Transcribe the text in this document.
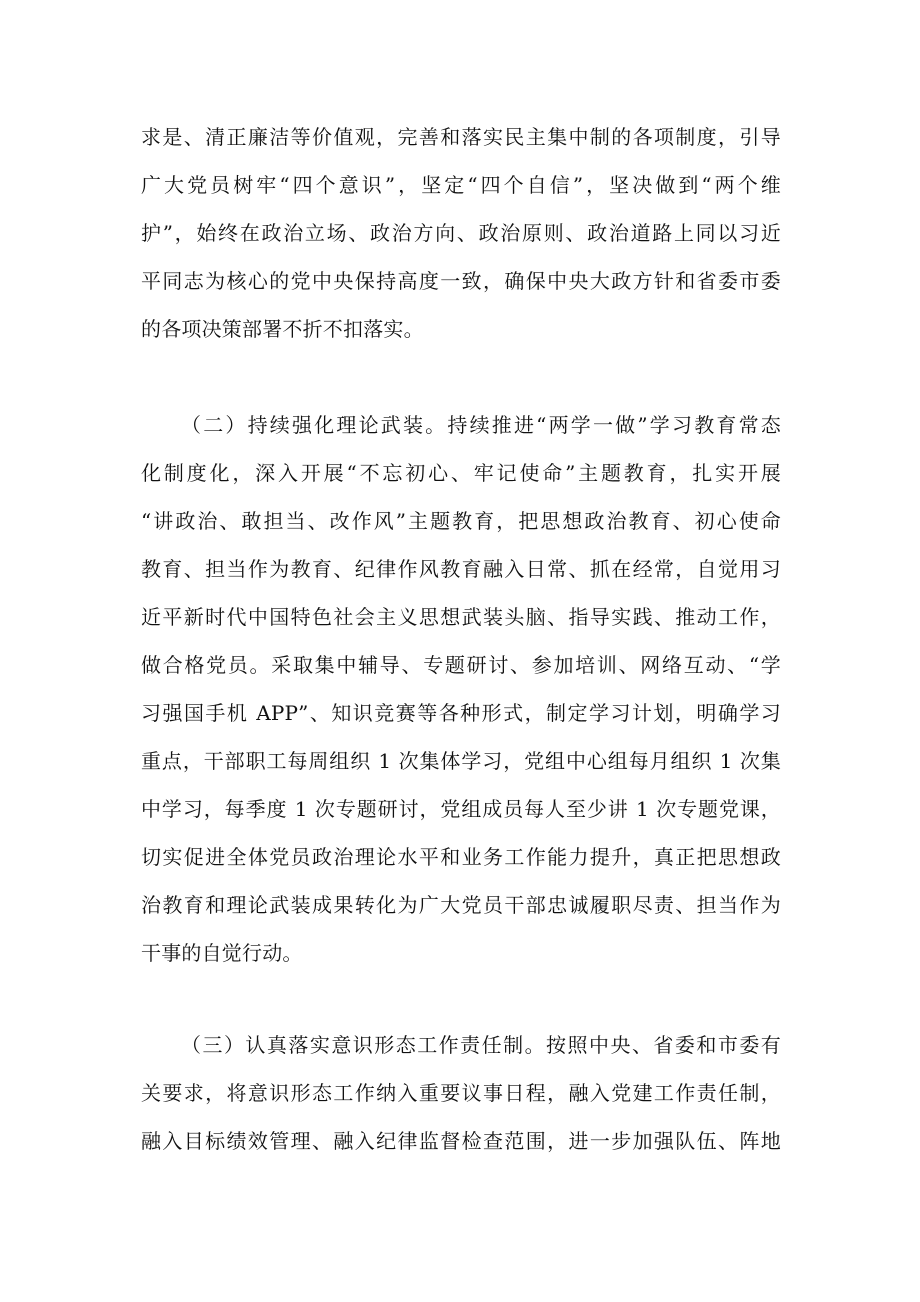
求是、清正廉洁等价值观，完善和落实民主集中制的各项制度，引导
广大党员树牢“四个意识”，坚定“四个自信”，坚决做到“两个维
护”，始终在政治立场、政治方向、政治原则、政治道路上同以习近
平同志为核心的党中央保持高度一致，确保中央大政方针和省委市委
的各项决策部署不折不扣落实。
（二）持续强化理论武装。持续推进“两学一做”学习教育常态
化制度化，深入开展“不忘初心、牢记使命”主题教育，扎实开展
“讲政治、敢担当、改作风”主题教育，把思想政治教育、初心使命
教育、担当作为教育、纪律作风教育融入日常、抓在经常，自觉用习
近平新时代中国特色社会主义思想武装头脑、指导实践、推动工作，
做合格党员。采取集中辅导、专题研讨、参加培训、网络互动、“学
习强国手机 APP”、知识竞赛等各种形式，制定学习计划，明确学习
重点，干部职工每周组织 1 次集体学习，党组中心组每月组织 1 次集
中学习，每季度 1 次专题研讨，党组成员每人至少讲 1 次专题党课，
切实促进全体党员政治理论水平和业务工作能力提升，真正把思想政
治教育和理论武装成果转化为广大党员干部忠诚履职尽责、担当作为
干事的自觉行动。
（三）认真落实意识形态工作责任制。按照中央、省委和市委有
关要求，将意识形态工作纳入重要议事日程，融入党建工作责任制，
融入目标绩效管理、融入纪律监督检查范围，进一步加强队伍、阵地
